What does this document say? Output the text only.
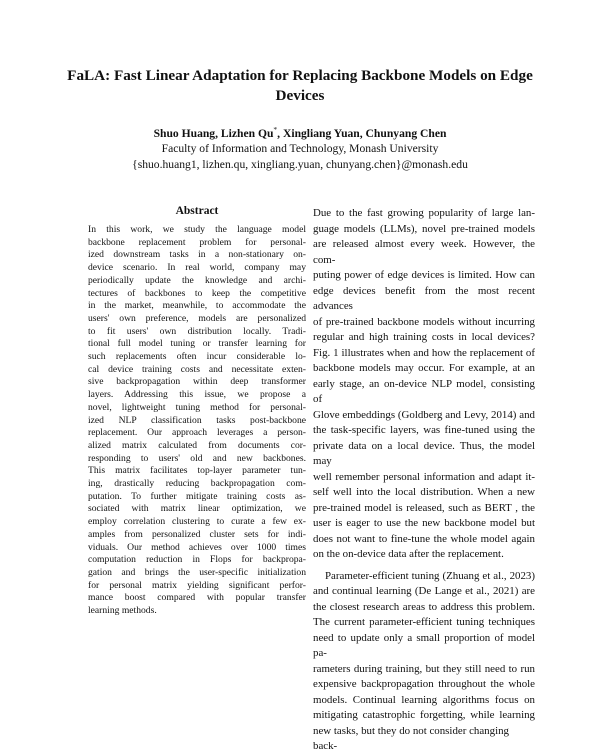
FaLA: Fast Linear Adaptation for Replacing Backbone Models on Edge
Devices
Shuo Huang, Lizhen Qu*, Xingliang Yuan, Chunyang Chen
Faculty of Information and Technology, Monash University
{shuo.huang1, lizhen.qu, xingliang.yuan, chunyang.chen}@monash.edu
Abstract
In this work, we study the language model
backbone replacement problem for personal-
ized downstream tasks in a non-stationary on-
device scenario. In real world, company may
periodically update the knowledge and archi-
tectures of backbones to keep the competitive
in the market, meanwhile, to accommodate the
users' own preference, models are personalized
to fit users' own distribution locally. Tradi-
tional full model tuning or transfer learning for
such replacements often incur considerable lo-
cal device training costs and necessitate exten-
sive backpropagation within deep transformer
layers. Addressing this issue, we propose a
novel, lightweight tuning method for personal-
ized NLP classification tasks post-backbone
replacement. Our approach leverages a person-
alized matrix calculated from documents cor-
responding to users' old and new backbones.
This matrix facilitates top-layer parameter tun-
ing, drastically reducing backpropagation com-
putation. To further mitigate training costs as-
sociated with matrix linear optimization, we
employ correlation clustering to curate a few ex-
amples from personalized cluster sets for indi-
viduals. Our method achieves over 1000 times
computation reduction in Flops for backpropa-
gation and brings the user-specific initialization
for personal matrix yielding significant perfor-
mance boost compared with popular transfer
learning methods.
Due to the fast growing popularity of large lan-
guage models (LLMs), novel pre-trained models
are released almost every week. However, the com-
puting power of edge devices is limited. How can
edge devices benefit from the most recent advances
of pre-trained backbone models without incurring
regular and high training costs in local devices?
Fig. 1 illustrates when and how the replacement of
backbone models may occur. For example, at an
early stage, an on-device NLP model, consisting of
Glove embeddings (Goldberg and Levy, 2014) and
the task-specific layers, was fine-tuned using the
private data on a local device. Thus, the model may
well remember personal information and adapt it-
self well into the local distribution. When a new
pre-trained model is released, such as BERT , the
user is eager to use the new backbone model but
does not want to fine-tune the whole model again
on the on-device data after the replacement.
Parameter-efficient tuning (Zhuang et al., 2023)
and continual learning (De Lange et al., 2021) are
the closest research areas to address this problem.
The current parameter-efficient tuning techniques
need to update only a small proportion of model pa-
rameters during training, but they still need to run
expensive backpropagation throughout the whole
models. Continual learning algorithms focus on
mitigating catastrophic forgetting, while learning
new tasks, but they do not consider changing back-
